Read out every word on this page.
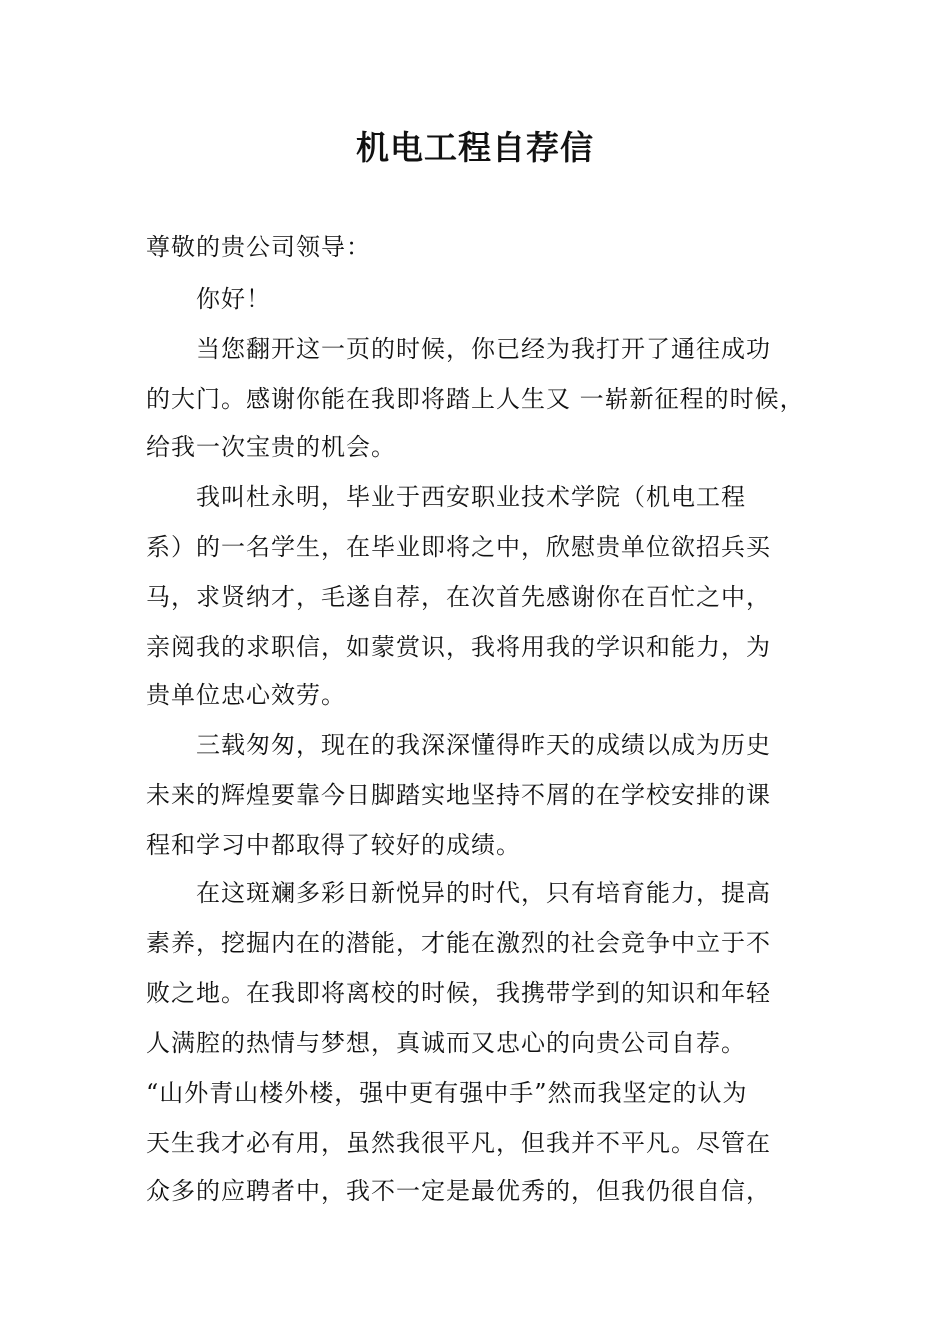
机电工程自荐信

尊敬的贵公司领导：

你好！

当您翻开这一页的时候，你已经为我打开了通往成功

的大门。感谢你能在我即将踏上人生又 一崭新征程的时候，

给我一次宝贵的机会。

我叫杜永明，毕业于西安职业技术学院（机电工程

系）的一名学生，在毕业即将之中，欣慰贵单位欲招兵买

马，求贤纳才，毛遂自荐，在次首先感谢你在百忙之中，

亲阅我的求职信，如蒙赏识，我将用我的学识和能力，为

贵单位忠心效劳。

三载匆匆，现在的我深深懂得昨天的成绩以成为历史

未来的辉煌要靠今日脚踏实地坚持不屑的在学校安排的课

程和学习中都取得了较好的成绩。

在这斑斓多彩日新悦异的时代，只有培育能力，提高

素养，挖掘内在的潜能，才能在激烈的社会竞争中立于不

败之地。在我即将离校的时候，我携带学到的知识和年轻

人满腔的热情与梦想，真诚而又忠心的向贵公司自荐。

“山外青山楼外楼，强中更有强中手”然而我坚定的认为

天生我才必有用，虽然我很平凡，但我并不平凡。尽管在

众多的应聘者中，我不一定是最优秀的，但我仍很自信，
